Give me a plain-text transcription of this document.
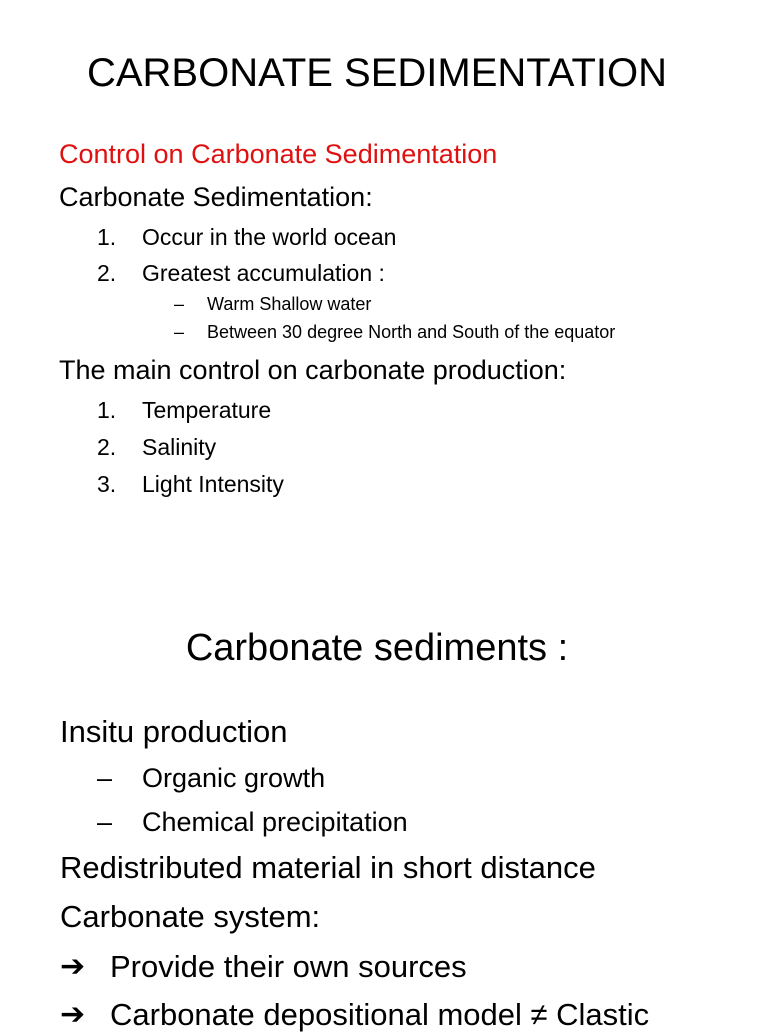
CARBONATE SEDIMENTATION
Control on Carbonate Sedimentation
Carbonate Sedimentation:
1. Occur in the world ocean
2. Greatest accumulation :
– Warm Shallow water
– Between 30 degree North and South of the equator
The main control on carbonate production:
1. Temperature
2. Salinity
3. Light Intensity
Carbonate sediments :
Insitu production
– Organic growth
– Chemical precipitation
Redistributed material in short distance
Carbonate system:
➔ Provide their own sources
➔ Carbonate depositional model ≠ Clastic
